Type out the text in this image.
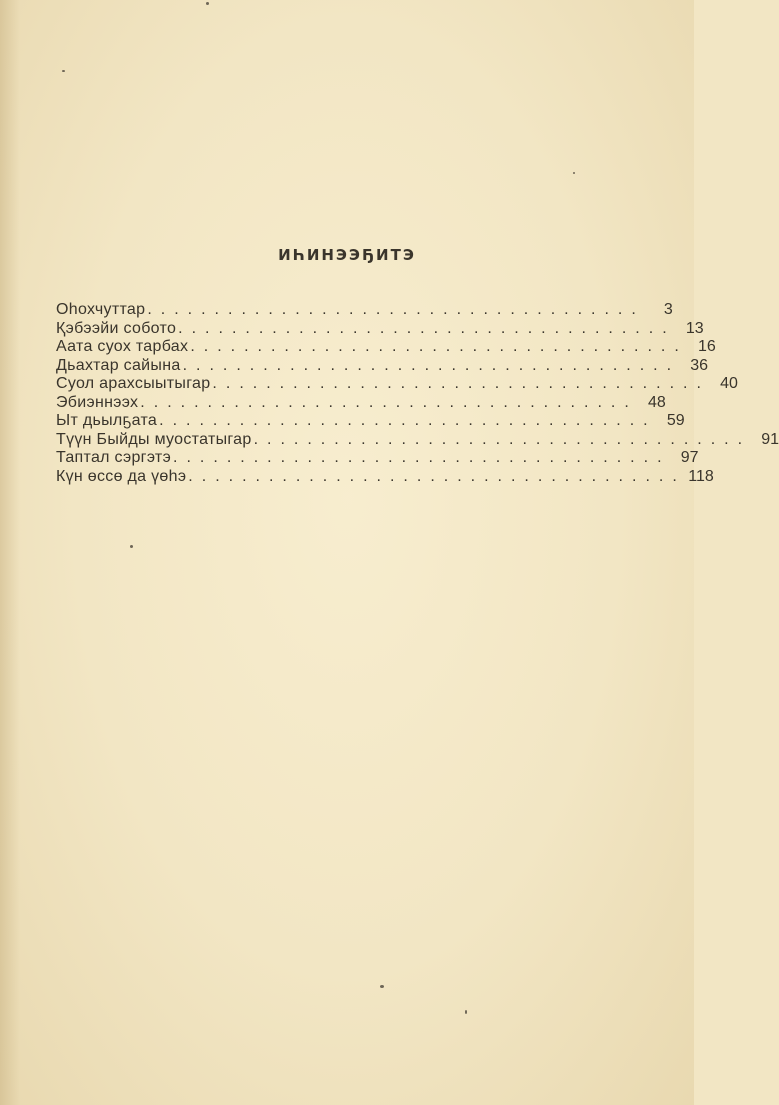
ИҺИНЭЭҔИТЭ
Оһохчуттар .....................................	3
Қэбээйи собото ..................................... 13
Аата суох тарбах ..................................... 16
Дьахтар сайына ..................................... 36
Суол арахсыытыгар ..................................... 40
Эбиэннээх ..................................... 48
Ыт дьылҕата ..................................... 59
Түүн Быйды муостатыгар ..................................... 91
Таптал сэргэтэ ..................................... 97
Күн өссө да үөһэ ..................................... 118
